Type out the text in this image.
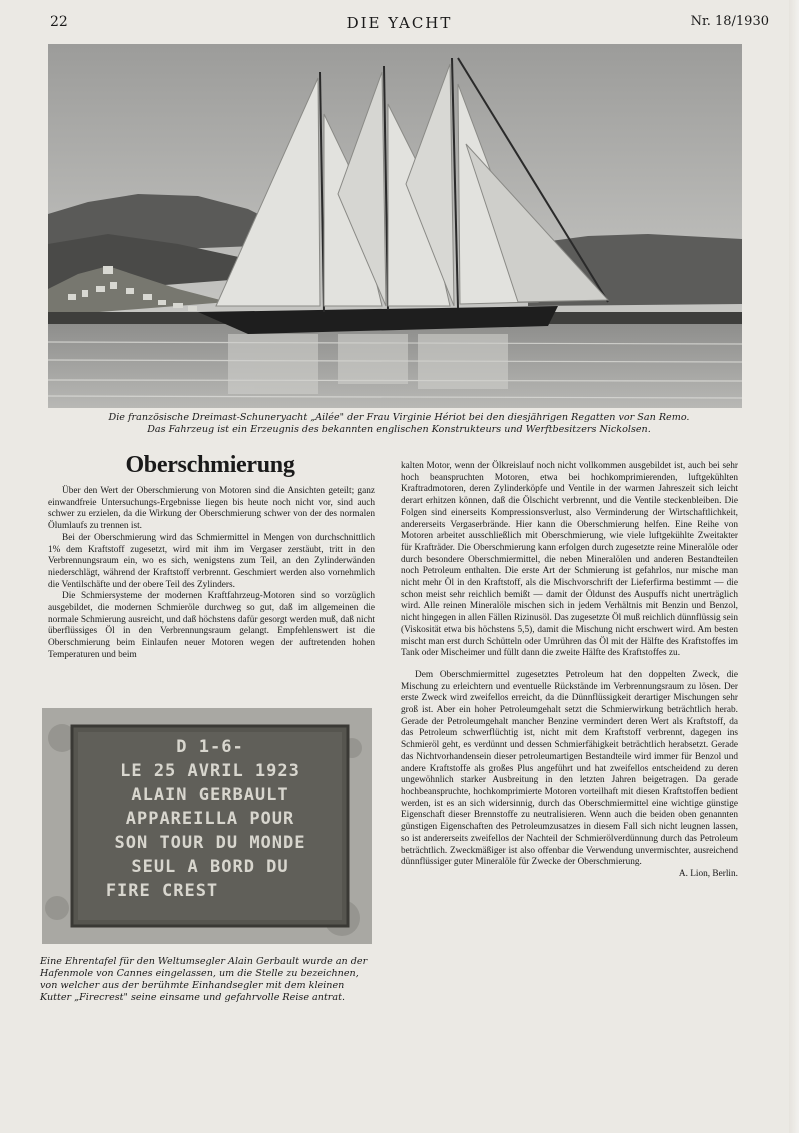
22	DIE YACHT	Nr. 18/1930
Die französische Dreimast-Schuneryacht „Ailée" der Frau Virginie Hériot bei den diesjährigen Regatten vor San Remo.
Das Fahrzeug ist ein Erzeugnis des bekannten englischen Konstrukteurs und Werftbesitzers Nickolsen.
Oberschmierung

Über den Wert der Oberschmierung von Motoren sind die Ansichten geteilt; ganz einwandfreie Untersuchungs-Ergebnisse liegen bis heute noch nicht vor, sind auch schwer zu erzielen, da die Wirkung der Oberschmierung schwer von der des normalen Ölumlaufs zu trennen ist.

Bei der Oberschmierung wird das Schmiermittel in Mengen von durchschnittlich 1% dem Kraftstoff zugesetzt, wird mit ihm im Vergaser zerstäubt, tritt in den Verbrennungsraum ein, wo es sich, wenigstens zum Teil, an den Zylinderwänden niederschlägt, während der Kraftstoff verbrennt. Geschmiert werden also vornehmlich die Ventilschäfte und der obere Teil des Zylinders.

Die Schmiersysteme der modernen Kraftfahrzeug-Motoren sind so vorzüglich ausgebildet, die modernen Schmieröle durchweg so gut, daß im allgemeinen die normale Schmierung ausreicht, und daß höchstens dafür gesorgt werden muß, daß nicht überflüssiges Öl in den Verbrennungsraum gelangt. Empfehlenswert ist die Oberschmierung beim Einlaufen neuer Motoren wegen der auftretenden hohen Temperaturen und beim

D 1-6-
LE 25 AVRIL 1923
ALAIN GERBAULT
APPAREILLA POUR
SON TOUR DU MONDE
SEUL A BORD DU
FIRE CREST
Eine Ehrentafel für den Weltumsegler Alain Gerbault wurde an der Hafenmole von Cannes eingelassen, um die Stelle zu bezeichnen, von welcher aus der berühmte Einhandsegler mit dem kleinen Kutter „Firecrest" seine einsame und gefahrvolle Reise antrat.

kalten Motor, wenn der Ölkreislauf noch nicht vollkommen ausgebildet ist, auch bei sehr hoch beanspruchten Motoren, etwa bei hochkomprimierenden, luftgekühlten Kraftradmotoren, deren Zylinderköpfe und Ventile in der warmen Jahreszeit sich leicht derart erhitzen können, daß die Ölschicht verbrennt, und die Ventile steckenbleiben. Die Folgen sind einerseits Kompressionsverlust, also Verminderung der Wirtschaftlichkeit, andererseits Vergaserbrände. Hier kann die Oberschmierung helfen. Eine Reihe von Motoren arbeitet ausschließlich mit Oberschmierung, wie viele luftgekühlte Zweitakter für Krafträder. Die Oberschmierung kann erfolgen durch zugesetzte reine Mineralöle oder durch besondere Oberschmiermittel, die neben Mineralölen und anderen Bestandteilen noch Petroleum enthalten. Die erste Art der Schmierung ist gefahrlos, nur mische man nicht mehr Öl in den Kraftstoff, als die Mischvorschrift der Lieferfirma bestimmt — die schon meist sehr reichlich bemißt — damit der Öldunst des Auspuffs nicht unerträglich wird. Alle reinen Mineralöle mischen sich in jedem Verhältnis mit Benzin und Benzol, nicht hingegen in allen Fällen Rizinusöl. Das zugesetzte Öl muß reichlich dünnflüssig sein (Viskosität etwa bis höchstens 5,5), damit die Mischung nicht erschwert wird. Am besten mischt man erst durch Schütteln oder Umrühren das Öl mit der Hälfte des Kraftstoffes im Tank oder Mischeimer und füllt dann die zweite Hälfte des Kraftstoffes zu.

Dem Oberschmiermittel zugesetztes Petroleum hat den doppelten Zweck, die Mischung zu erleichtern und eventuelle Rückstände im Verbrennungsraum zu lösen. Der erste Zweck wird zweifellos erreicht, da die Dünnflüssigkeit derartiger Mischungen sehr groß ist. Aber ein hoher Petroleumgehalt setzt die Schmierwirkung beträchtlich herab. Gerade der Petroleumgehalt mancher Benzine vermindert deren Wert als Kraftstoff, da das Petroleum schwerflüchtig ist, nicht mit dem Kraftstoff verbrennt, dagegen ins Schmieröl geht, es verdünnt und dessen Schmierfähigkeit beträchtlich herabsetzt. Gerade das Nichtvorhandensein dieser petroleumartigen Bestandteile wird immer für Benzol und andere Kraftstoffe als großes Plus angeführt und hat zweifellos entscheidend zu deren ungewöhnlich starker Ausbreitung in den letzten Jahren beigetragen. Da gerade hochbeanspruchte, hochkomprimierte Motoren vorteilhaft mit diesen Kraftstoffen bedient werden, ist es an sich widersinnig, durch das Oberschmiermittel eine wichtige günstige Eigenschaft dieser Brennstoffe zu neutralisieren. Wenn auch die beiden oben genannten günstigen Eigenschaften des Petroleumzusatzes in diesem Fall sich nicht leugnen lassen, so ist andererseits zweifellos der Nachteil der Schmierölverdünnung durch das Petroleum beträchtlich. Zweckmäßiger ist also offenbar die Verwendung unvermischter, ausreichend dünnflüssiger guter Mineralöle für Zwecke der Oberschmierung.

A. Lion, Berlin.
